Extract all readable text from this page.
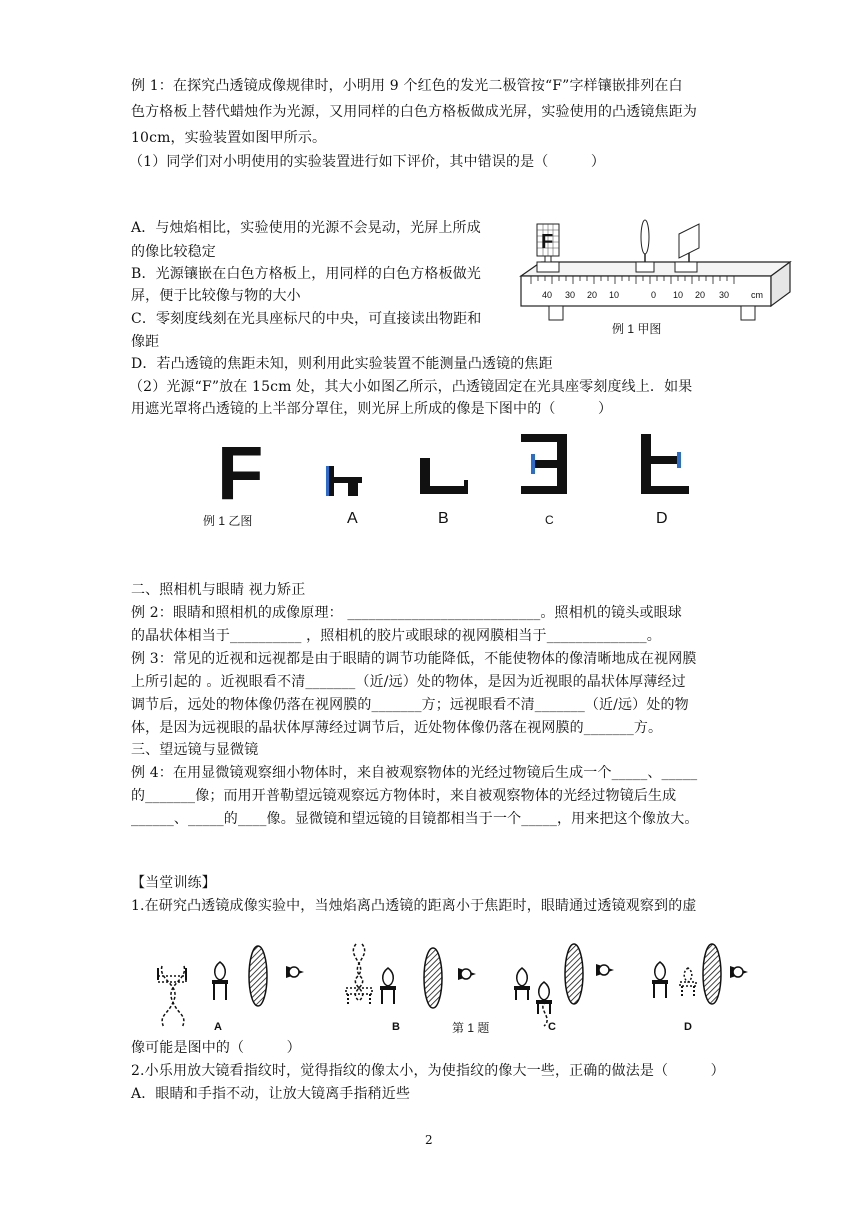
例 1：在探究凸透镜成像规律时，小明用 9 个红色的发光二极管按“F”字样镶嵌排列在白
色方格板上替代蜡烛作为光源，又用同样的白色方格板做成光屏，实验使用的凸透镜焦距为
10cm，实验装置如图甲所示。
（1）同学们对小明使用的实验装置进行如下评价，其中错误的是（　　　）
A．与烛焰相比，实验使用的光源不会晃动，光屏上所成
的像比较稳定
B．光源镶嵌在白色方格板上，用同样的白色方格板做光
屏，便于比较像与物的大小
C．零刻度线刻在光具座标尺的中央，可直接读出物距和
像距
D．若凸透镜的焦距未知，则利用此实验装置不能测量凸透镜的焦距
（2）光源“F”放在 15cm 处，其大小如图乙所示，凸透镜固定在光具座零刻度线上．如果
用遮光罩将凸透镜的上半部分罩住，则光屏上所成的像是下图中的（　　　）
40 30 20 10	0 10 20 30 cm
F
例 1 甲图
F
例 1 乙图	A	B	C	D
二、照相机与眼睛 视力矫正
例 2：眼睛和照相机的成像原理： ___________________________。照相机的镜头或眼球
的晶状体相当于__________ ，照相机的胶片或眼球的视网膜相当于______________。
例 3：常见的近视和远视都是由于眼睛的调节功能降低，不能使物体的像清晰地成在视网膜
上所引起的 。近视眼看不清_______（近/远）处的物体，是因为近视眼的晶状体厚薄经过
调节后，远处的物体像仍落在视网膜的_______方；远视眼看不清_______（近/远）处的物
体，是因为远视眼的晶状体厚薄经过调节后，近处物体像仍落在视网膜的_______方。
三、望远镜与显微镜
例 4：在用显微镜观察细小物体时，来自被观察物体的光经过物镜后生成一个_____、_____
的_______像；而用开普勒望远镜观察远方物体时，来自被观察物体的光经过物镜后生成
______、_____的____像。显微镜和望远镜的目镜都相当于一个_____，用来把这个像放大。
【当堂训练】
1.在研究凸透镜成像实验中，当烛焰离凸透镜的距离小于焦距时，眼睛通过透镜观察到的虚
A	B	C	D
第 1 题
像可能是图中的（　　　）
2.小乐用放大镜看指纹时，觉得指纹的像太小，为使指纹的像大一些，正确的做法是（　　　）
A．眼睛和手指不动，让放大镜离手指稍近些
2
